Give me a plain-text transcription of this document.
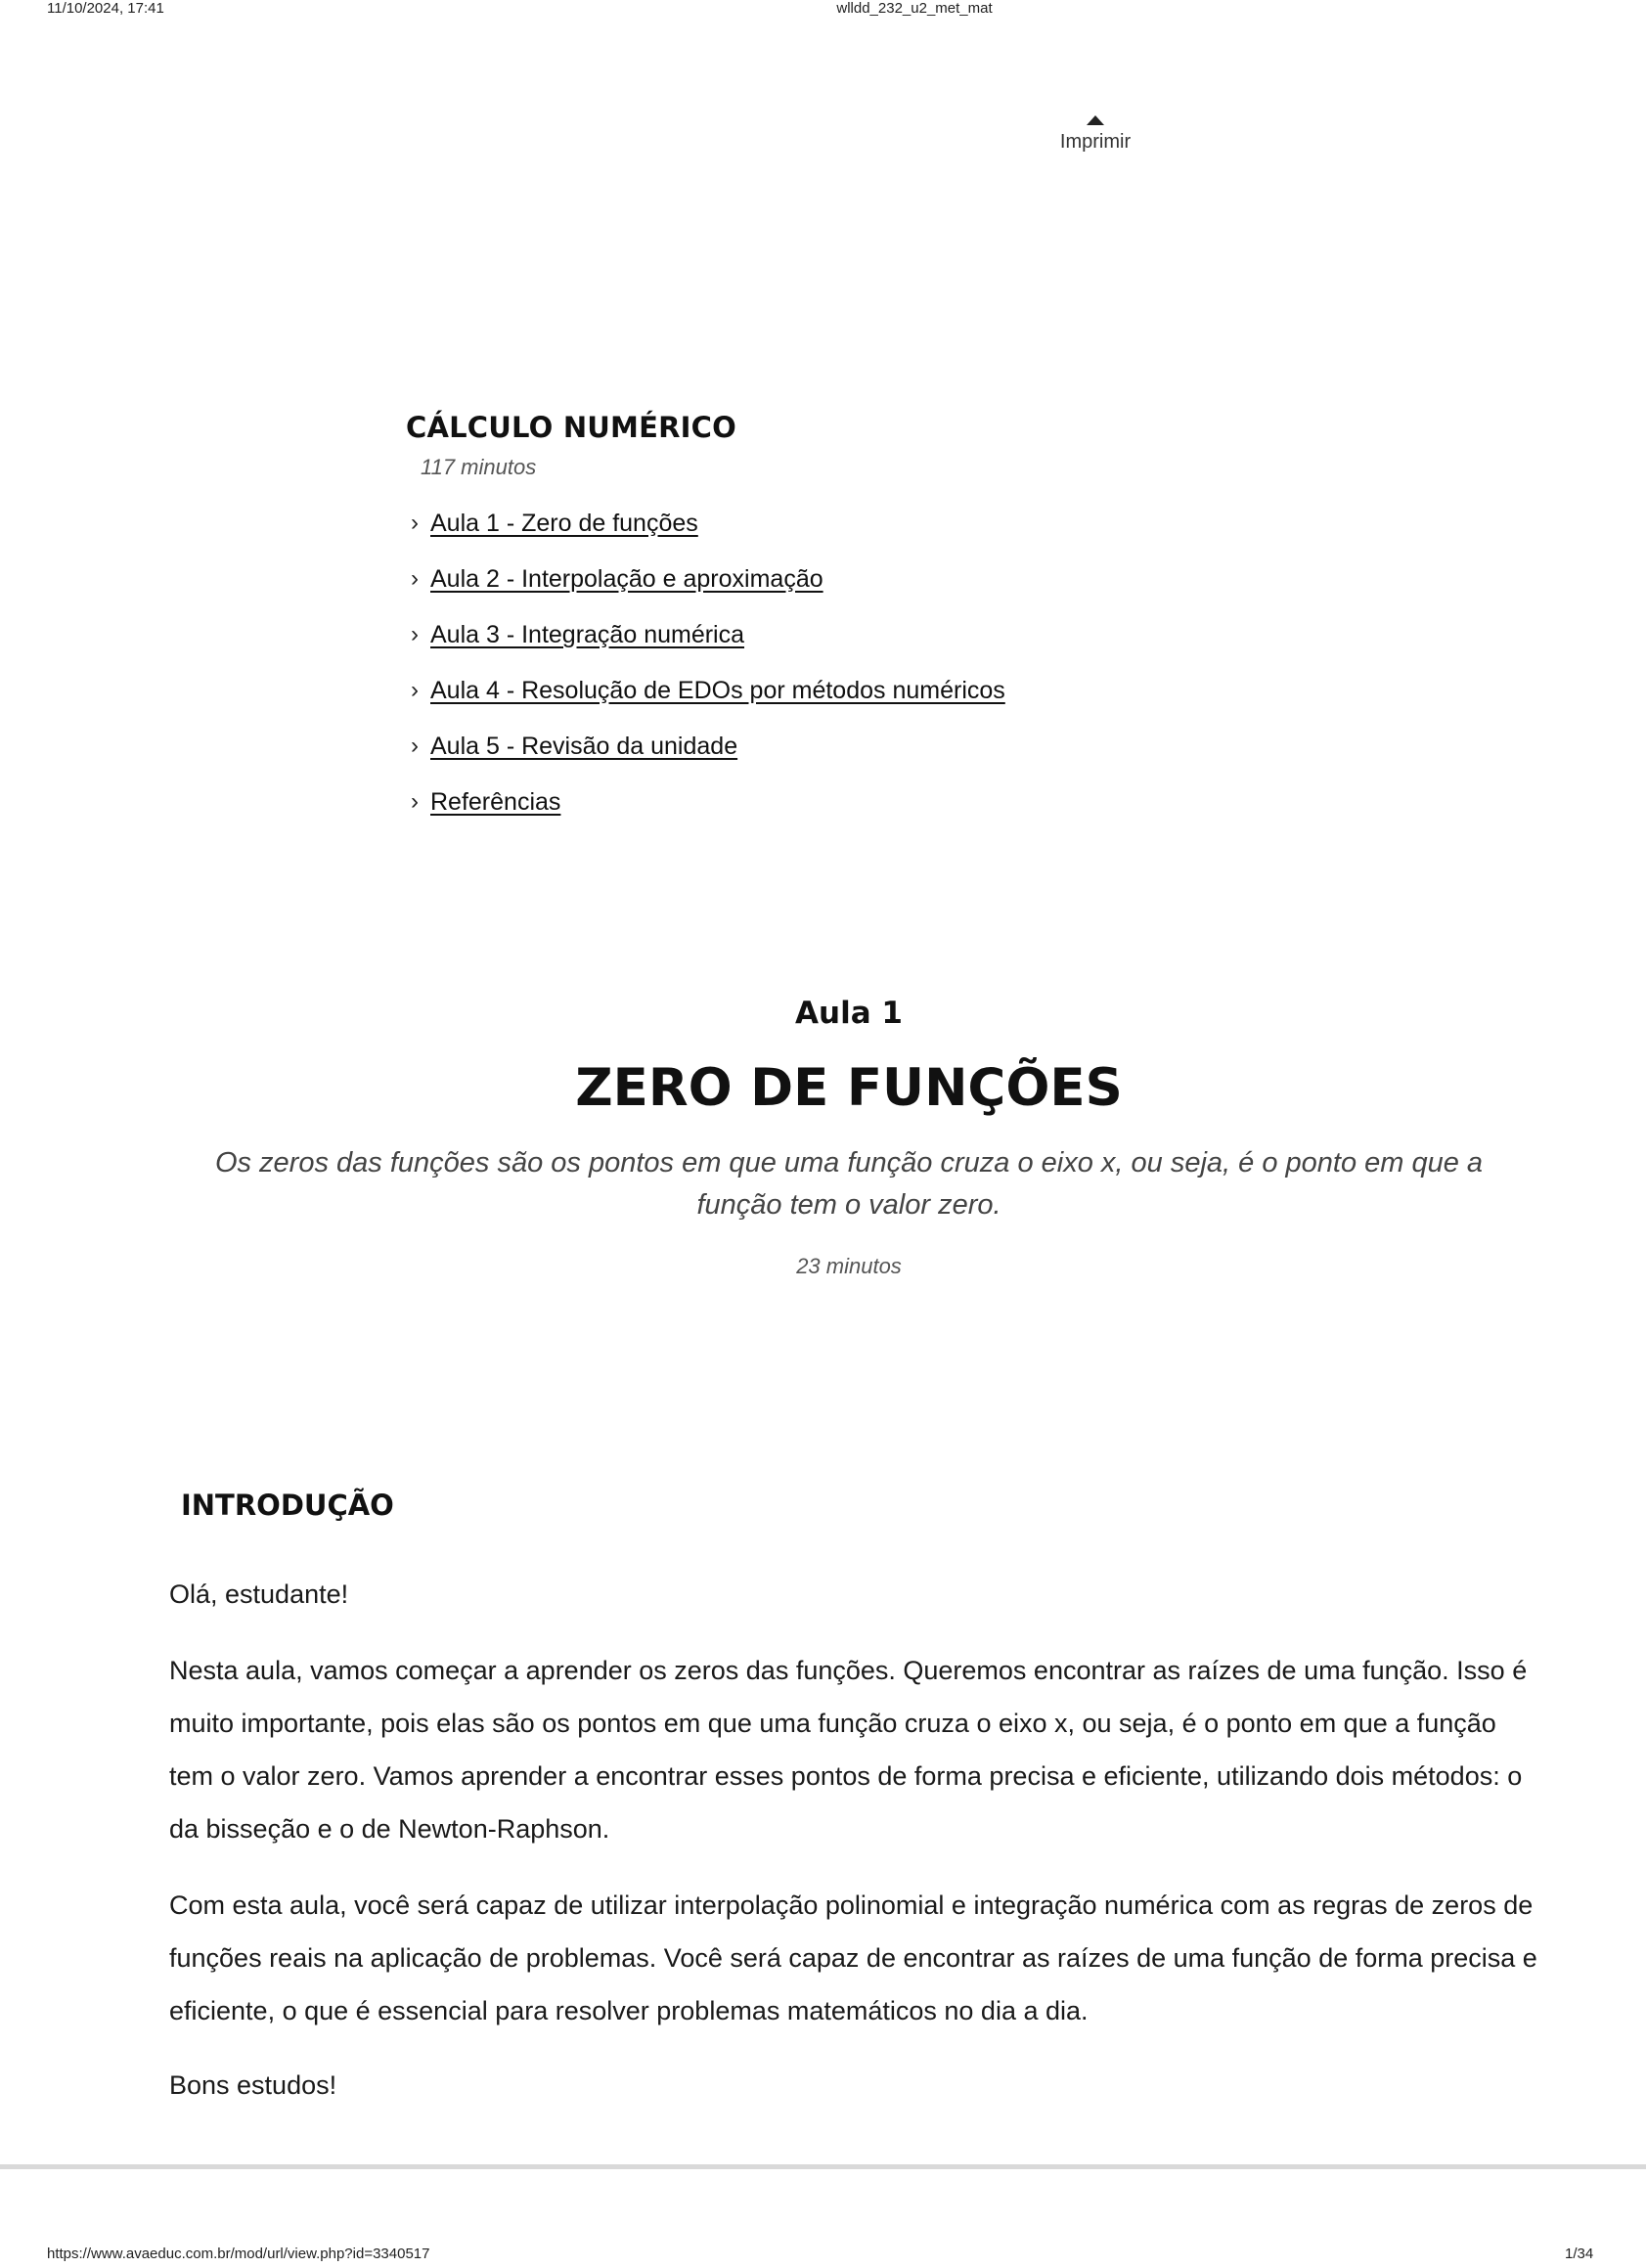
11/10/2024, 17:41	wlldd_232_u2_met_mat
Imprimir
CÁLCULO NUMÉRICO
117 minutos
› Aula 1 - Zero de funções
› Aula 2 - Interpolação e aproximação
› Aula 3 - Integração numérica
› Aula 4 - Resolução de EDOs por métodos numéricos
› Aula 5 - Revisão da unidade
› Referências
Aula 1
ZERO DE FUNÇÕES
Os zeros das funções são os pontos em que uma função cruza o eixo x, ou seja, é o ponto em que a função tem o valor zero.
23 minutos
INTRODUÇÃO
Olá, estudante!
Nesta aula, vamos começar a aprender os zeros das funções. Queremos encontrar as raízes de uma função. Isso é muito importante, pois elas são os pontos em que uma função cruza o eixo x, ou seja, é o ponto em que a função tem o valor zero. Vamos aprender a encontrar esses pontos de forma precisa e eficiente, utilizando dois métodos: o da bisseção e o de Newton-Raphson.
Com esta aula, você será capaz de utilizar interpolação polinomial e integração numérica com as regras de zeros de funções reais na aplicação de problemas. Você será capaz de encontrar as raízes de uma função de forma precisa e eficiente, o que é essencial para resolver problemas matemáticos no dia a dia.
Bons estudos!
https://www.avaeduc.com.br/mod/url/view.php?id=3340517	1/34
